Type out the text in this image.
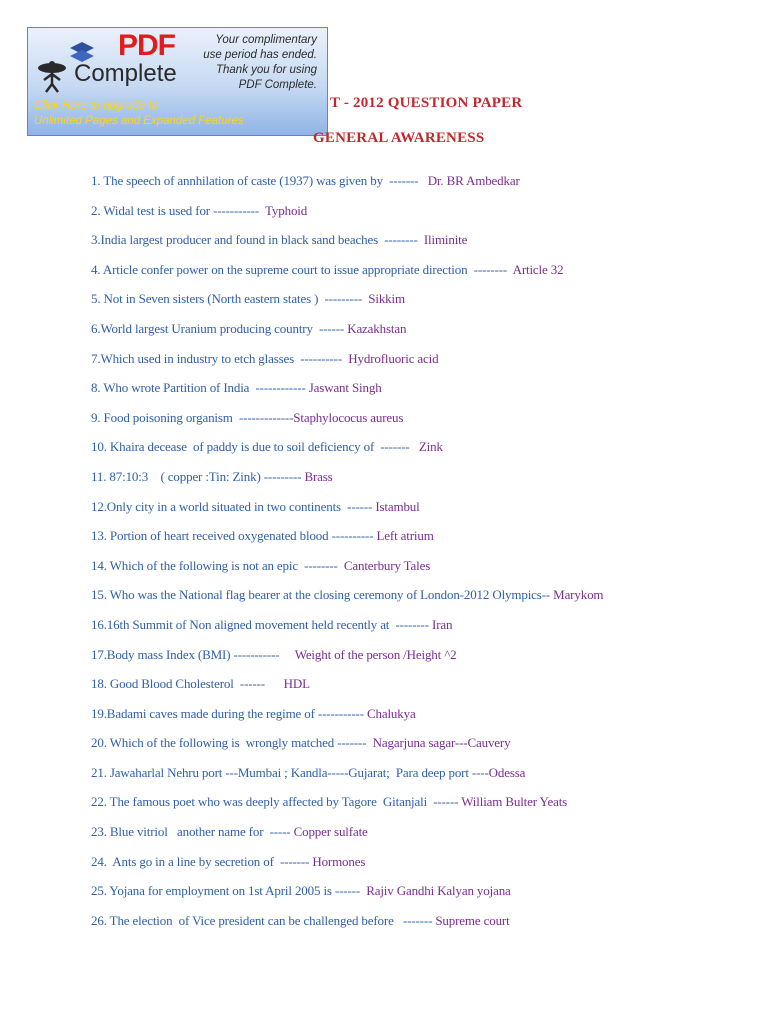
PDF
Complete
Your complimentary
use period has ended.
Thank you for using
PDF Complete.
Click Here to upgrade to
Unlimited Pages and Expanded Features
T - 2012 QUESTION PAPER
GENERAL AWARENESS
1. The speech of annhilation of caste (1937) was given by  -------   Dr. BR Ambedkar
2. Widal test is used for -----------  Typhoid
3.India largest producer and found in black sand beaches  --------  Iliminite
4. Article confer power on the supreme court to issue appropriate direction  --------  Article 32
5. Not in Seven sisters (North eastern states )  ---------  Sikkim
6.World largest Uranium producing country  ------ Kazakhstan
7.Which used in industry to etch glasses  ----------  Hydrofluoric acid
8. Who wrote Partition of India  ------------ Jaswant Singh
9. Food poisoning organism  -------------Staphylococus aureus
10. Khaira decease  of paddy is due to soil deficiency of  -------   Zink
11. 87:10:3    ( copper :Tin: Zink) --------- Brass
12.Only city in a world situated in two continents  ------ Istambul
13. Portion of heart received oxygenated blood ---------- Left atrium
14. Which of the following is not an epic  --------  Canterbury Tales
15. Who was the National flag bearer at the closing ceremony of London-2012 Olympics-- Marykom
16.16th Summit of Non aligned movement held recently at  -------- Iran
17.Body mass Index (BMI) -----------     Weight of the person /Height ^2
18. Good Blood Cholesterol  ------      HDL
19.Badami caves made during the regime of ----------- Chalukya
20. Which of the following is  wrongly matched -------  Nagarjuna sagar---Cauvery
21. Jawaharlal Nehru port ---Mumbai ; Kandla-----Gujarat;  Para deep port ----Odessa
22. The famous poet who was deeply affected by Tagore  Gitanjali  ------ William Bulter Yeats
23. Blue vitriol   another name for  ----- Copper sulfate
24.  Ants go in a line by secretion of  ------- Hormones
25. Yojana for employment on 1st April 2005 is ------  Rajiv Gandhi Kalyan yojana
26. The election  of Vice president can be challenged before   ------- Supreme court
